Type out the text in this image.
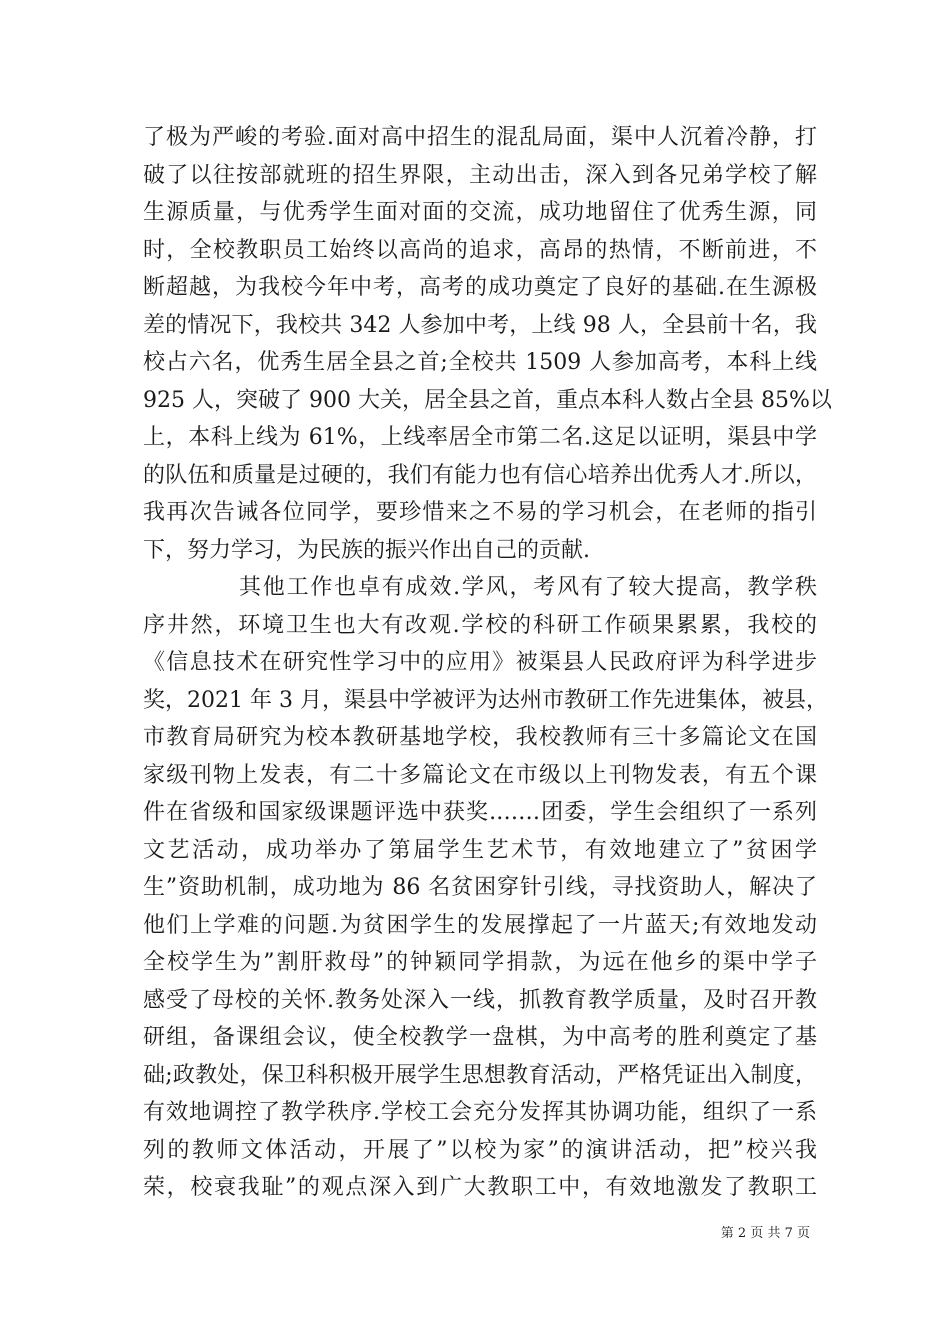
了极为严峻的考验.面对高中招生的混乱局面，渠中人沉着冷静，打
破了以往按部就班的招生界限，主动出击，深入到各兄弟学校了解
生源质量，与优秀学生面对面的交流，成功地留住了优秀生源，同
时，全校教职员工始终以高尚的追求，高昂的热情，不断前进，不
断超越，为我校今年中考，高考的成功奠定了良好的基础.在生源极
差的情况下，我校共 342 人参加中考，上线 98 人，全县前十名，我
校占六名，优秀生居全县之首;全校共 1509 人参加高考，本科上线
925 人，突破了 900 大关，居全县之首，重点本科人数占全县 85%以
上，本科上线为 61%，上线率居全市第二名.这足以证明，渠县中学
的队伍和质量是过硬的，我们有能力也有信心培养出优秀人才.所以，
我再次告诫各位同学，要珍惜来之不易的学习机会，在老师的指引
下，努力学习，为民族的振兴作出自己的贡献.
其他工作也卓有成效.学风，考风有了较大提高，教学秩
序井然，环境卫生也大有改观.学校的科研工作硕果累累，我校的
《信息技术在研究性学习中的应用》被渠县人民政府评为科学进步
奖，2021 年 3 月，渠县中学被评为达州市教研工作先进集体，被县，
市教育局研究为校本教研基地学校，我校教师有三十多篇论文在国
家级刊物上发表，有二十多篇论文在市级以上刊物发表，有五个课
件在省级和国家级课题评选中获奖.……团委，学生会组织了一系列
文艺活动，成功举办了第届学生艺术节，有效地建立了”贫困学
生”资助机制，成功地为 86 名贫困穿针引线，寻找资助人，解决了
他们上学难的问题.为贫困学生的发展撑起了一片蓝天;有效地发动
全校学生为”割肝救母”的钟颖同学捐款，为远在他乡的渠中学子
感受了母校的关怀.教务处深入一线，抓教育教学质量，及时召开教
研组，备课组会议，使全校教学一盘棋，为中高考的胜利奠定了基
础;政教处，保卫科积极开展学生思想教育活动，严格凭证出入制度，
有效地调控了教学秩序.学校工会充分发挥其协调功能，组织了一系
列的教师文体活动，开展了”以校为家”的演讲活动，把”校兴我
荣，校衰我耻”的观点深入到广大教职工中，有效地激发了教职工
第 2 页 共 7 页
